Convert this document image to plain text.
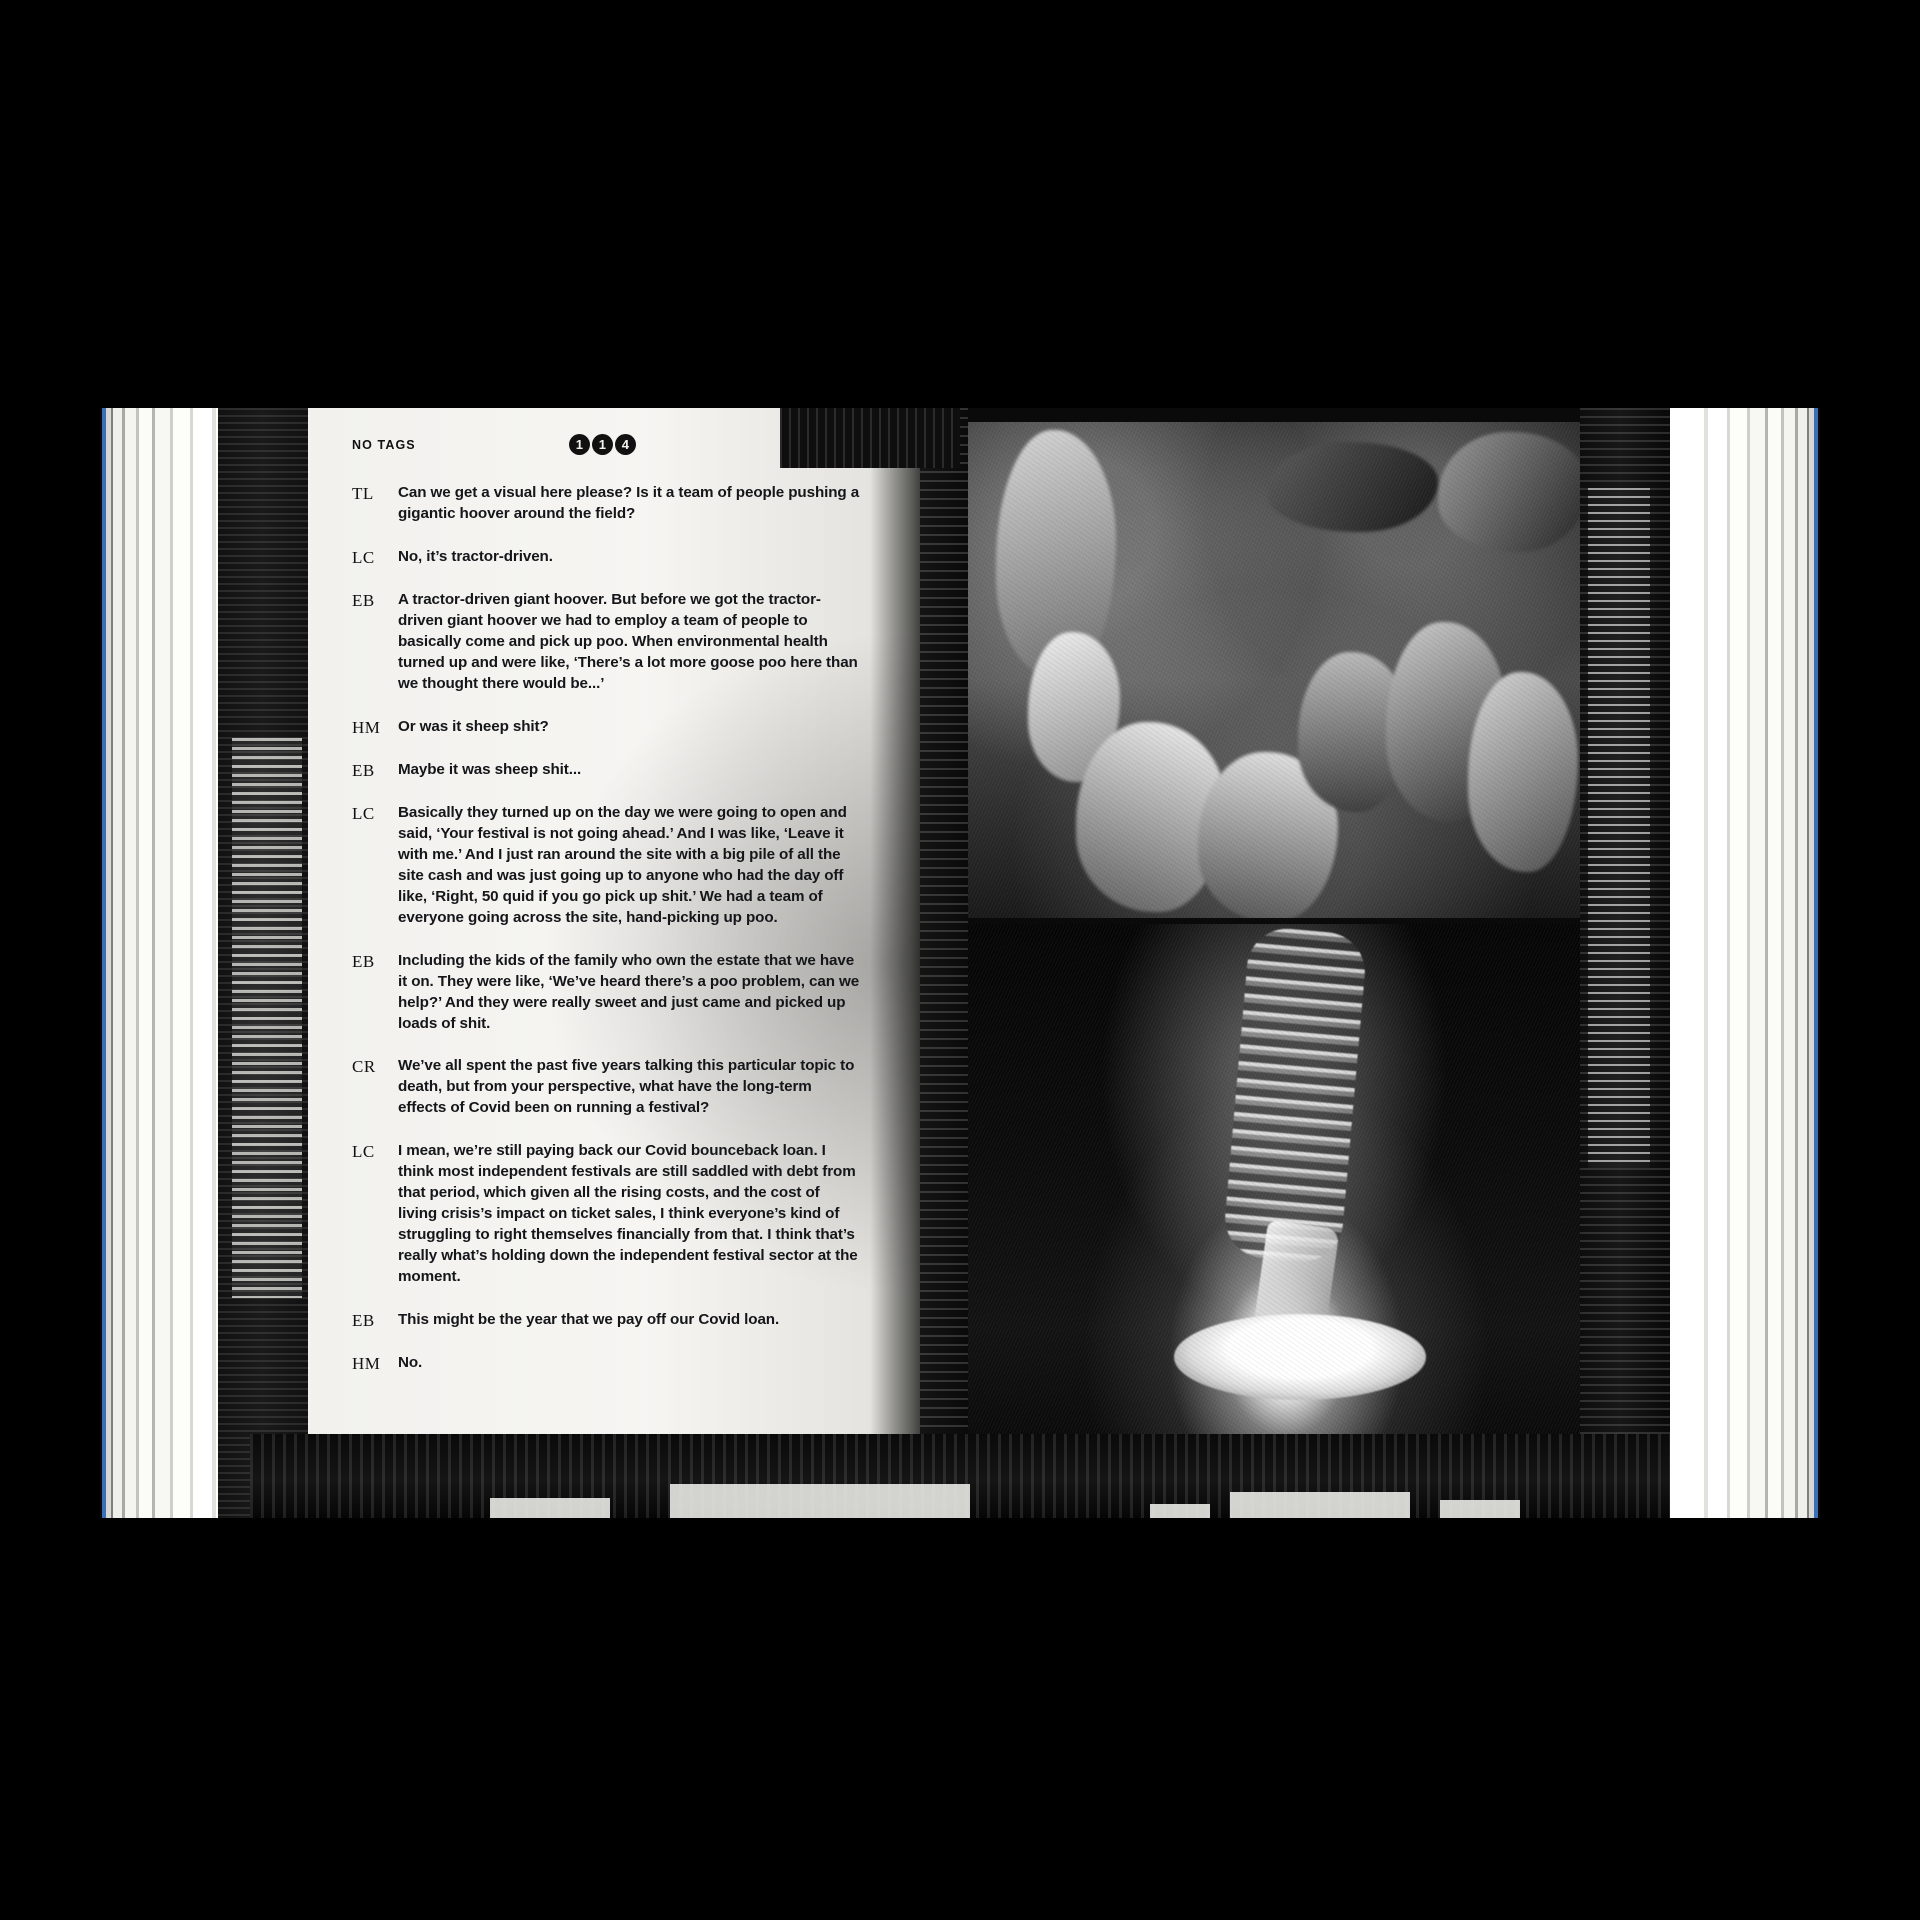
NO TAGS	1	1	4
TL	Can we get a visual here please? Is it a team of people pushing a gigantic hoover around the field?
LC	No, it’s tractor-driven.
EB	A tractor-driven giant hoover. But before we got the tractor-driven giant hoover we had to employ a team of people to basically come and pick up poo. When environmental health turned up and were like, ‘There’s a lot more goose poo here than we thought there would be...’
HM	Or was it sheep shit?
EB	Maybe it was sheep shit...
LC	Basically they turned up on the day we were going to open and said, ‘Your festival is not going ahead.’ And I was like, ‘Leave it with me.’ And I just ran around the site with a big pile of all the site cash and was just going up to anyone who had the day off like, ‘Right, 50 quid if you go pick up shit.’ We had a team of everyone going across the site, hand-picking up poo.
EB	Including the kids of the family who own the estate that we have it on. They were like, ‘We’ve heard there’s a poo problem, can we help?’ And they were really sweet and just came and picked up loads of shit.
CR	We’ve all spent the past five years talking this particular topic to death, but from your perspective, what have the long-term effects of Covid been on running a festival?
LC	I mean, we’re still paying back our Covid bounceback loan. I think most independent festivals are still saddled with debt from that period, which given all the rising costs, and the cost of living crisis’s impact on ticket sales, I think everyone’s kind of struggling to right themselves financially from that. I think that’s really what’s holding down the independent festival sector at the moment.
EB	This might be the year that we pay off our Covid loan.
HM	No.
